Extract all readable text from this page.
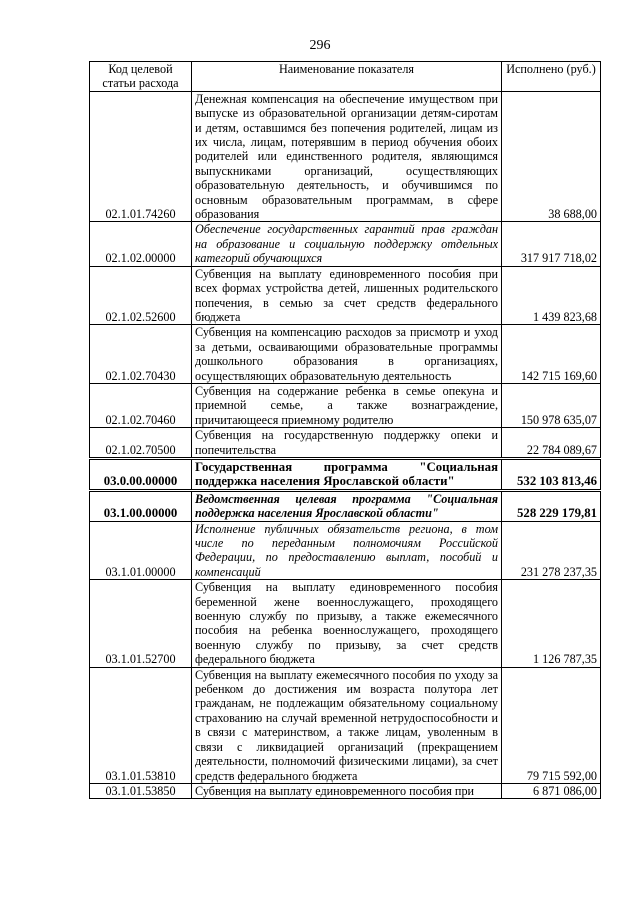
296
Код целевой статьи расхода	Наименование показателя	Исполнено (руб.)
02.1.01.74260	Денежная компенсация на обеспечение имуществом при выпуске из образовательной организации детям-сиротам и детям, оставшимся без попечения родителей, лицам из их числа, лицам, потерявшим в период обучения обоих родителей или единственного родителя, являющимся выпускниками организаций, осуществляющих образовательную деятельность, и обучившимся по основным образовательным программам, в сфере образования	38 688,00
02.1.02.00000	Обеспечение государственных гарантий прав граждан на образование и социальную поддержку отдельных категорий обучающихся	317 917 718,02
02.1.02.52600	Субвенция на выплату единовременного пособия при всех формах устройства детей, лишенных родительского попечения, в семью за счет средств федерального бюджета	1 439 823,68
02.1.02.70430	Субвенция на компенсацию расходов за присмотр и уход за детьми, осваивающими образовательные программы дошкольного образования в организациях, осуществляющих образовательную деятельность	142 715 169,60
02.1.02.70460	Субвенция на содержание ребенка в семье опекуна и приемной семье, а также вознаграждение, причитающееся приемному родителю	150 978 635,07
02.1.02.70500	Субвенция на государственную поддержку опеки и попечительства	22 784 089,67
03.0.00.00000	Государственная программа "Социальная поддержка населения Ярославской области"	532 103 813,46
03.1.00.00000	Ведомственная целевая программа "Социальная поддержка населения Ярославской области"	528 229 179,81
03.1.01.00000	Исполнение публичных обязательств региона, в том числе по переданным полномочиям Российской Федерации, по предоставлению выплат, пособий и компенсаций	231 278 237,35
03.1.01.52700	Субвенция на выплату единовременного пособия беременной жене военнослужащего, проходящего военную службу по призыву, а также ежемесячного пособия на ребенка военнослужащего, проходящего военную службу по призыву, за счет средств федерального бюджета	1 126 787,35
03.1.01.53810	Субвенция на выплату ежемесячного пособия по уходу за ребенком до достижения им возраста полутора лет гражданам, не подлежащим обязательному социальному страхованию на случай временной нетрудоспособности и в связи с материнством, а также лицам, уволенным в связи с ликвидацией организаций (прекращением деятельности, полномочий физическими лицами), за счет средств федерального бюджета	79 715 592,00
03.1.01.53850	Субвенция на выплату единовременного пособия при	6 871 086,00
